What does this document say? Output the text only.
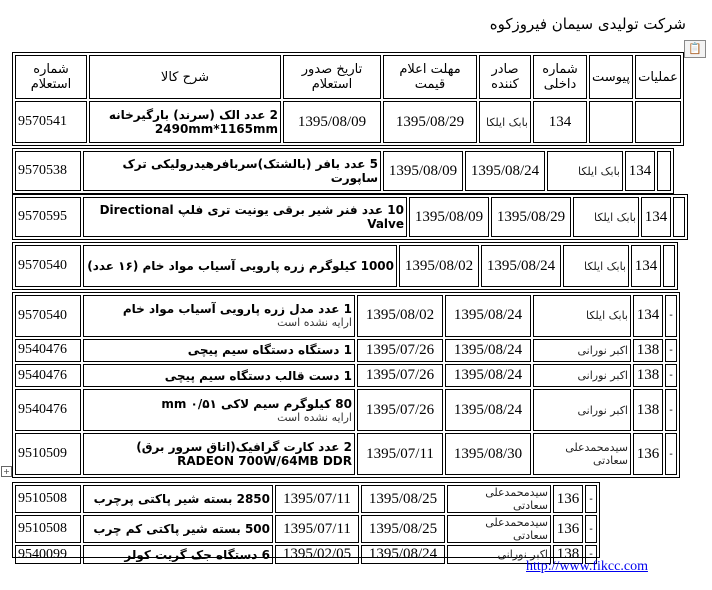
شرکت تولیدی سیمان فیروزکوه
📋
عملیات	پیوست	شماره داخلی	صادر کننده	مهلت اعلام قیمت	تاریخ صدور استعلام	شرح کالا	شماره استعلام
		134	بابک ایلکا	1395/08/29	1395/08/09	2 عدد الک (سرند) بارگیرخانه
2490mm*1165mm	9570541
	134	بابک ایلکا	1395/08/24	1395/08/09	5 عدد بافر (بالشتک)سربافرهیدرولیکی ترک ساپورت	9570538
	134	بابک ایلکا	1395/08/29	1395/08/09	10 عدد فنر شیر برقی یونیت تری فلپ Directional
Valve	9570595
	134	بابک ایلکا	1395/08/24	1395/08/02	1000 کیلوگرم زره پارویی آسیاب مواد خام (۱۶ عدد)	9570540
-	134	بابک ایلکا	1395/08/24	1395/08/02	1 عدد مدل زره پارویی آسیاب مواد خام
ارایه نشده است	9570540
-	138	اکبر نورانی	1395/08/24	1395/07/26	1 دستگاه دستگاه سیم پیچی	9540476
-	138	اکبر نورانی	1395/08/24	1395/07/26	1 دست قالب دستگاه سیم پیچی	9540476
-	138	اکبر نورانی	1395/08/24	1395/07/26	80 کیلوگرم سیم لاکی ۰/۵۱ mm
ارایه نشده است	9540476
-	136	سیدمحمدعلی سعادتی	1395/08/30	1395/07/11	2 عدد کارت گرافیک(اتاق سرور برق)
RADEON 700W/64MB DDR	9510509
+
-	136	سیدمحمدعلی سعادتی	1395/08/25	1395/07/11	2850 بسته شیر پاکتی پرچرب	9510508
-	136	سیدمحمدعلی سعادتی	1395/08/25	1395/07/11	500 بسته شیر پاکتی کم چرب	9510508
-	138	اکبر نورانی	1395/08/24	1395/02/05	6 دستگاه جک گریت کولر	9540099
http://www.fikcc.com
